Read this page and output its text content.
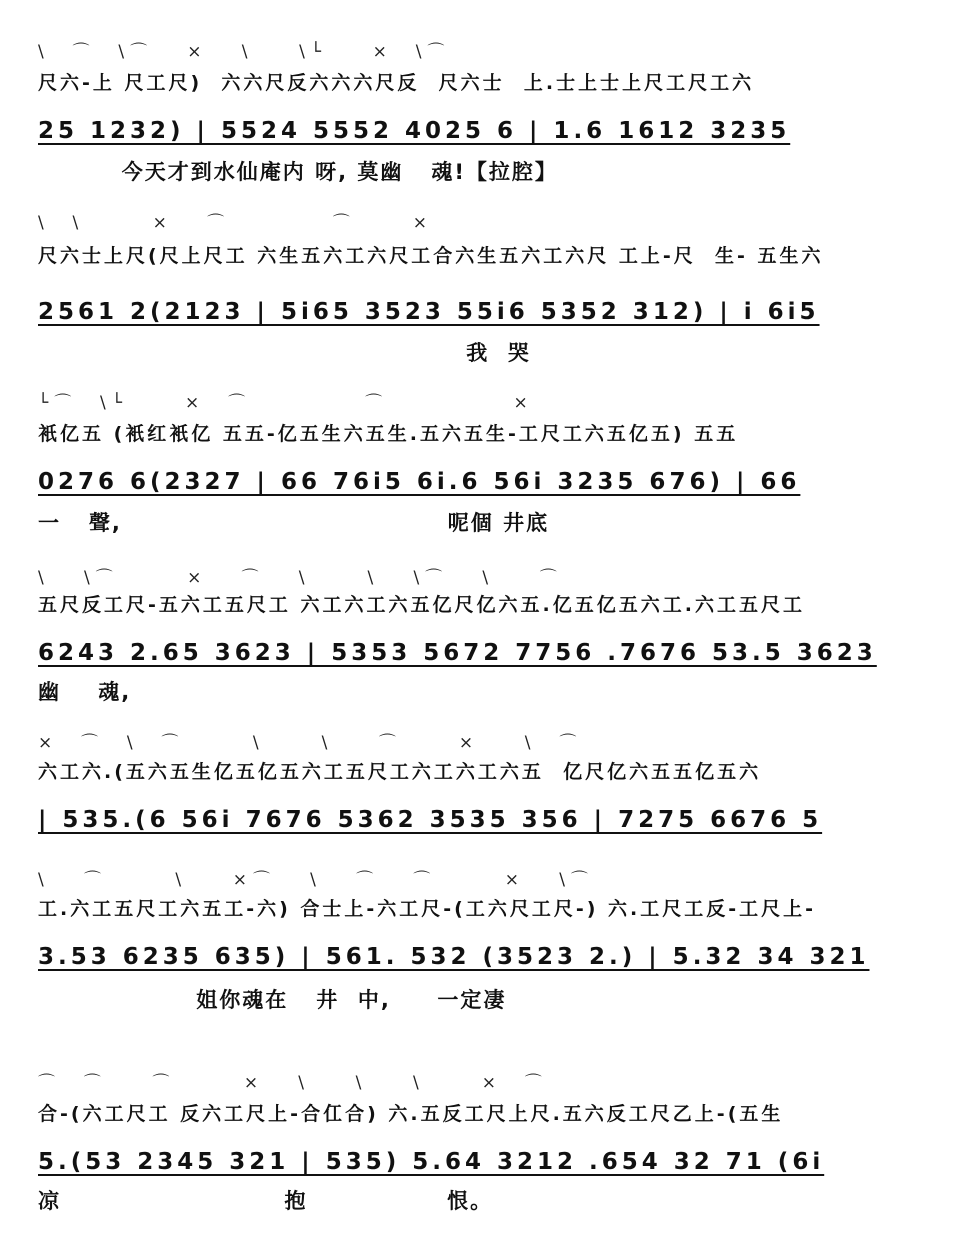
\  ⌒  \⌒   ×   \    \└    ×  \⌒
尺六-上 尺工尺)  六六尺反六六六尺反  尺六士  上.士上士上尺工尺工六
25 1232) | 5524 5552 4025 6 | 1.6 1612 3235
今天才到水仙庵内 呀, 莫幽   魂!【拉腔】
\  \      ×   ⌒         ⌒     ×
尺六士上尺(尺上尺工 六生五六工六尺工合六生五六工六尺 工上-尺  生- 五生六
2561 2(2123 | 5i65 3523 55i6 5352 312) | i 6i5
我  哭
└⌒  \└     ×  ⌒          ⌒           ×
衹亿五 (衹红衹亿 五五-亿五生六五生.五六五生-工尺工六五亿五) 五五
0276 6(2327 | 66 76i5 6i.6 56i 3235 676) | 66
一   聲,                                   呢個 井底
\   \⌒      ×   ⌒   \     \   \⌒   \    ⌒
五尺反工尺-五六工五尺工 六工六工六五亿尺亿六五.亿五亿五六工.六工五尺工
6243 2.65 3623 | 5353 5672 7756 .7676 53.5 3623
幽    魂,
×  ⌒  \  ⌒      \     \    ⌒     ×    \  ⌒
六工六.(五六五生亿五亿五六工五尺工六工六工六五  亿尺亿六五五亿五六
| 535.(6 56i 7676 5362 3535 356 | 7275 6676 5
\   ⌒      \    ×⌒   \   ⌒   ⌒      ×   \⌒
工.六工五尺工六五工-六) 合士上-六工尺-(工六尺工尺-) 六.工尺工反-工尺上-
3.53 6235 635) | 561. 532 (3523 2.) | 5.32 34 321
姐你魂在   井  中,     一定凄
⌒  ⌒    ⌒      ×   \    \    \     ×  ⌒
合-(六工尺工 反六工尺上-合仜合) 六.五反工尺上尺.五六反工尺乙上-(五生
5.(53 2345 321 | 535) 5.64 3212 .654 32 71 (6i
凉                        抱               恨。
